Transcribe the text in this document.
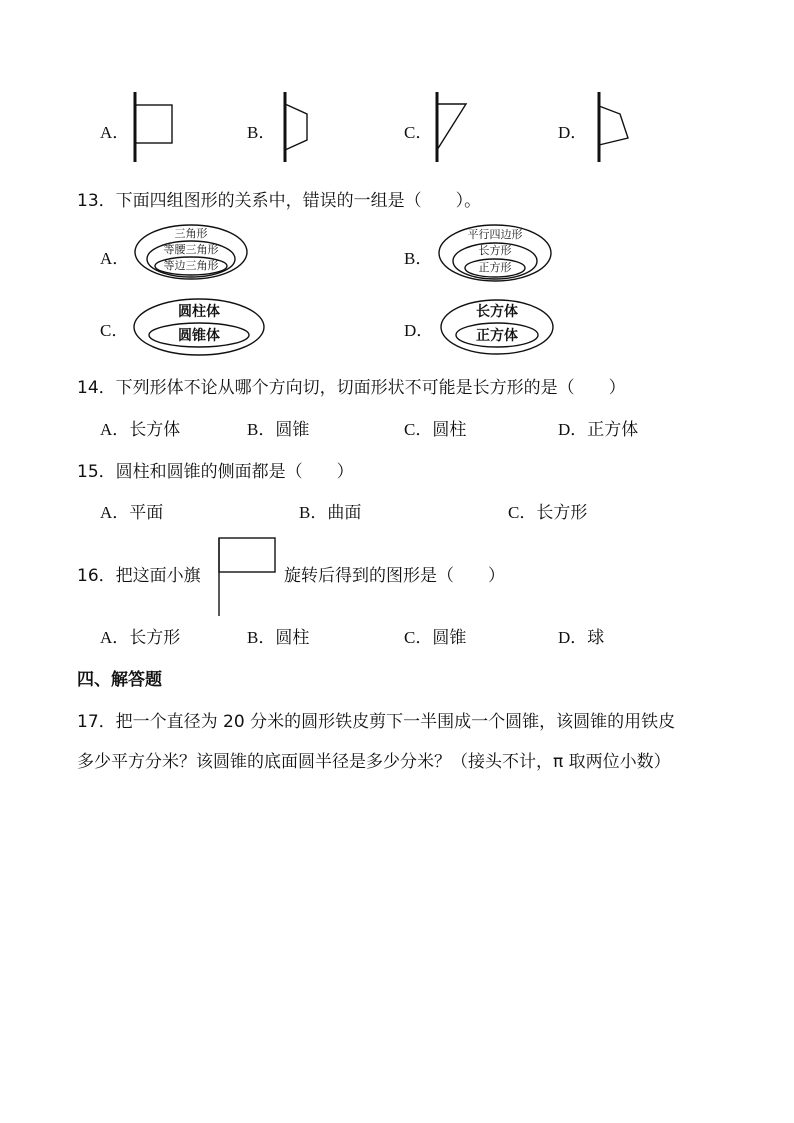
A．	B．	C．	D．
13．下面四组图形的关系中，错误的一组是（　　）。
A．
三角形
等腰三角形
等边三角形	B．
平行四边形
长方形
正方形
C．
圆柱体
圆锥体	D．
长方体
正方体
14．下列形体不论从哪个方向切，切面形状不可能是长方形的是（　　）
A．长方体	B．圆锥	C．圆柱	D．正方体
15．圆柱和圆锥的侧面都是（　　）
A．平面	B．曲面	C．长方形
16．把这面小旗	旋转后得到的图形是（　　）
A．长方形	B．圆柱	C．圆锥	D．球
四、解答题
17．把一个直径为 20 分米的圆形铁皮剪下一半围成一个圆锥，该圆锥的用铁皮
多少平方分米？该圆锥的底面圆半径是多少分米？（接头不计，π 取两位小数）
